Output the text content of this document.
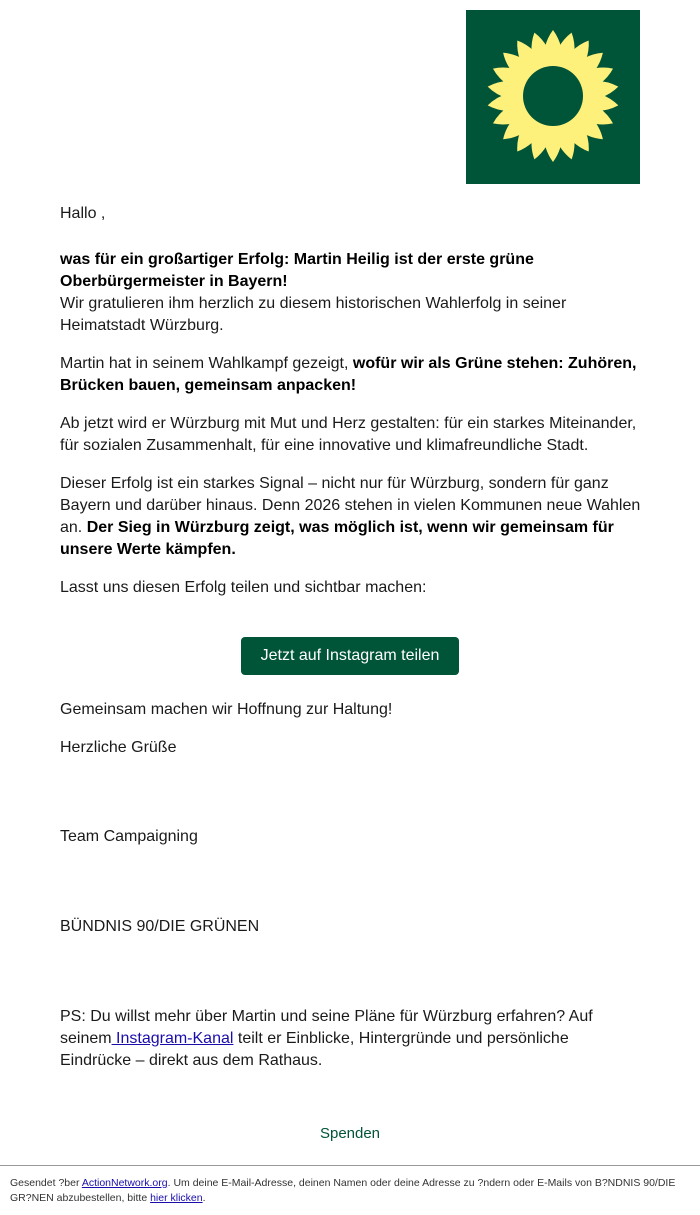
Hallo ,

was für ein großartiger Erfolg: Martin Heilig ist der erste grüne Oberbürgermeister in Bayern!
Wir gratulieren ihm herzlich zu diesem historischen Wahlerfolg in seiner Heimatstadt Würzburg.

Martin hat in seinem Wahlkampf gezeigt, wofür wir als Grüne stehen: Zuhören, Brücken bauen, gemeinsam anpacken!

Ab jetzt wird er Würzburg mit Mut und Herz gestalten: für ein starkes Miteinander, für sozialen Zusammenhalt, für eine innovative und klimafreundliche Stadt.

Dieser Erfolg ist ein starkes Signal – nicht nur für Würzburg, sondern für ganz Bayern und darüber hinaus. Denn 2026 stehen in vielen Kommunen neue Wahlen an. Der Sieg in Würzburg zeigt, was möglich ist, wenn wir gemeinsam für unsere Werte kämpfen.

Lasst uns diesen Erfolg teilen und sichtbar machen:

Jetzt auf Instagram teilen

Gemeinsam machen wir Hoffnung zur Haltung!

Herzliche Grüße

Team Campaigning

BÜNDNIS 90/DIE GRÜNEN

PS: Du willst mehr über Martin und seine Pläne für Würzburg erfahren? Auf seinem Instagram-Kanal teilt er Einblicke, Hintergründe und persönliche Eindrücke – direkt aus dem Rathaus.

Spenden
Gesendet ?ber ActionNetwork.org. Um deine E-Mail-Adresse, deinen Namen oder deine Adresse zu ?ndern oder E-Mails von B?NDNIS 90/DIE GR?NEN abzubestellen, bitte hier klicken.
